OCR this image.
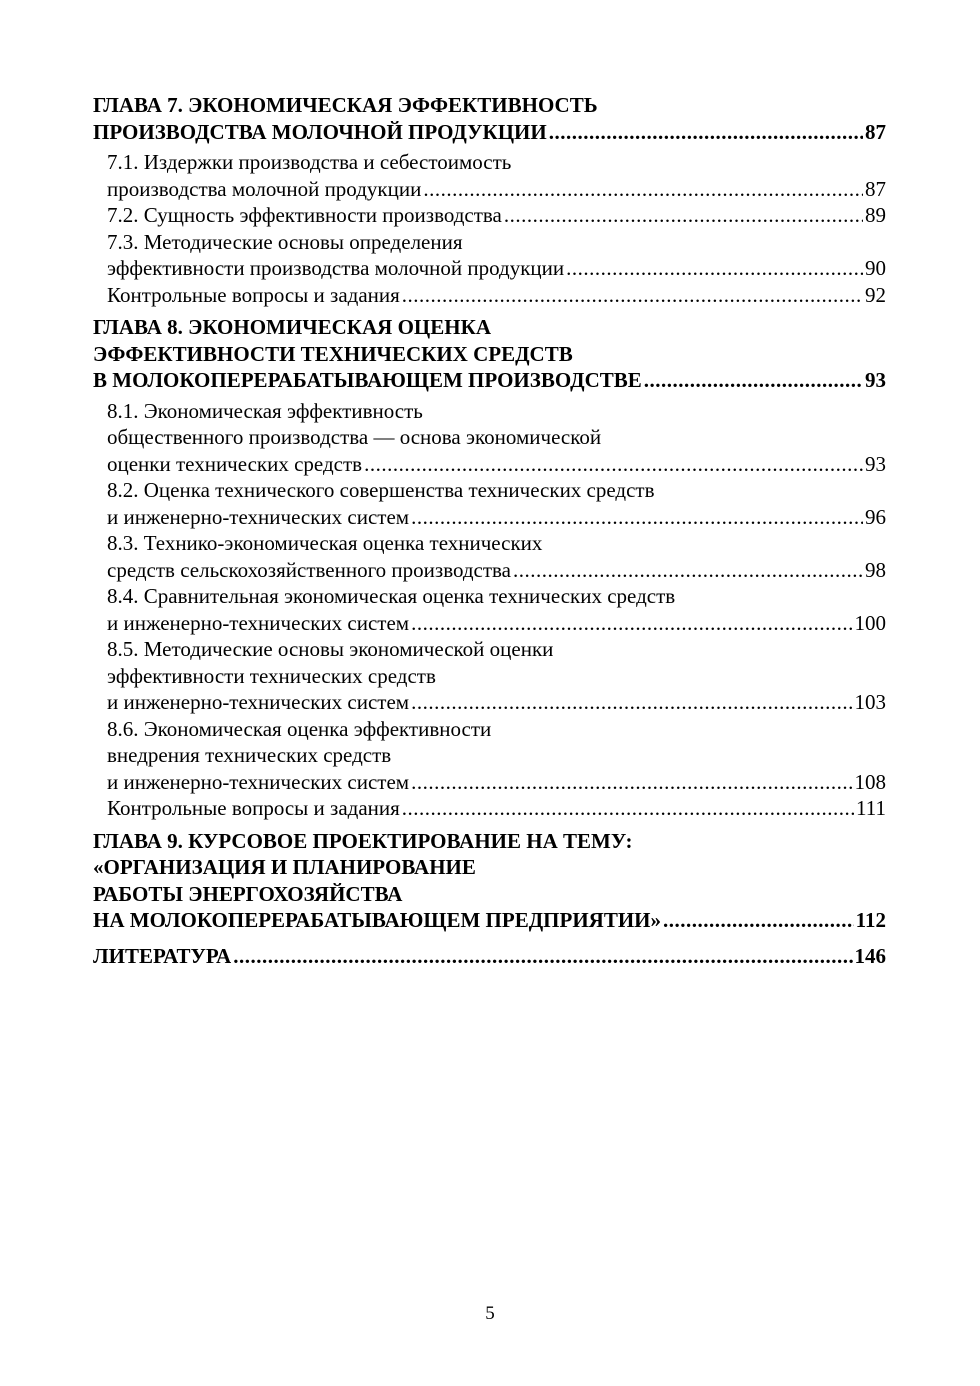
ГЛАВА 7. ЭКОНОМИЧЕСКАЯ ЭФФЕКТИВНОСТЬ
ПРОИЗВОДСТВА МОЛОЧНОЙ ПРОДУКЦИИ .....	87
7.1. Издержки производства и себестоимость
производства молочной продукции .....	87
7.2. Сущность эффективности производства .....	89
7.3. Методические основы определения
эффективности производства молочной продукции .....	90
Контрольные вопросы и задания .....	92
ГЛАВА 8. ЭКОНОМИЧЕСКАЯ ОЦЕНКА
ЭФФЕКТИВНОСТИ ТЕХНИЧЕСКИХ СРЕДСТВ
В МОЛОКОПЕРЕРАБАТЫВАЮЩЕМ ПРОИЗВОДСТВЕ .....	93
8.1. Экономическая эффективность
общественного производства — основа экономической
оценки технических средств .....	93
8.2. Оценка технического совершенства технических средств
и инженерно-технических систем .....	96
8.3. Технико-экономическая оценка технических
средств сельскохозяйственного производства .....	98
8.4. Сравнительная экономическая оценка технических средств
и инженерно-технических систем .....	100
8.5. Методические основы экономической оценки
эффективности технических средств
и инженерно-технических систем .....	103
8.6. Экономическая оценка эффективности
внедрения технических средств
и инженерно-технических систем .....	108
Контрольные вопросы и задания .....	111
ГЛАВА 9. КУРСОВОЕ ПРОЕКТИРОВАНИЕ НА ТЕМУ:
«ОРГАНИЗАЦИЯ И ПЛАНИРОВАНИЕ
РАБОТЫ ЭНЕРГОХОЗЯЙСТВА
НА МОЛОКОПЕРЕРАБАТЫВАЮЩЕМ ПРЕДПРИЯТИИ» .....	112
ЛИТЕРАТУРА .....	146
5
